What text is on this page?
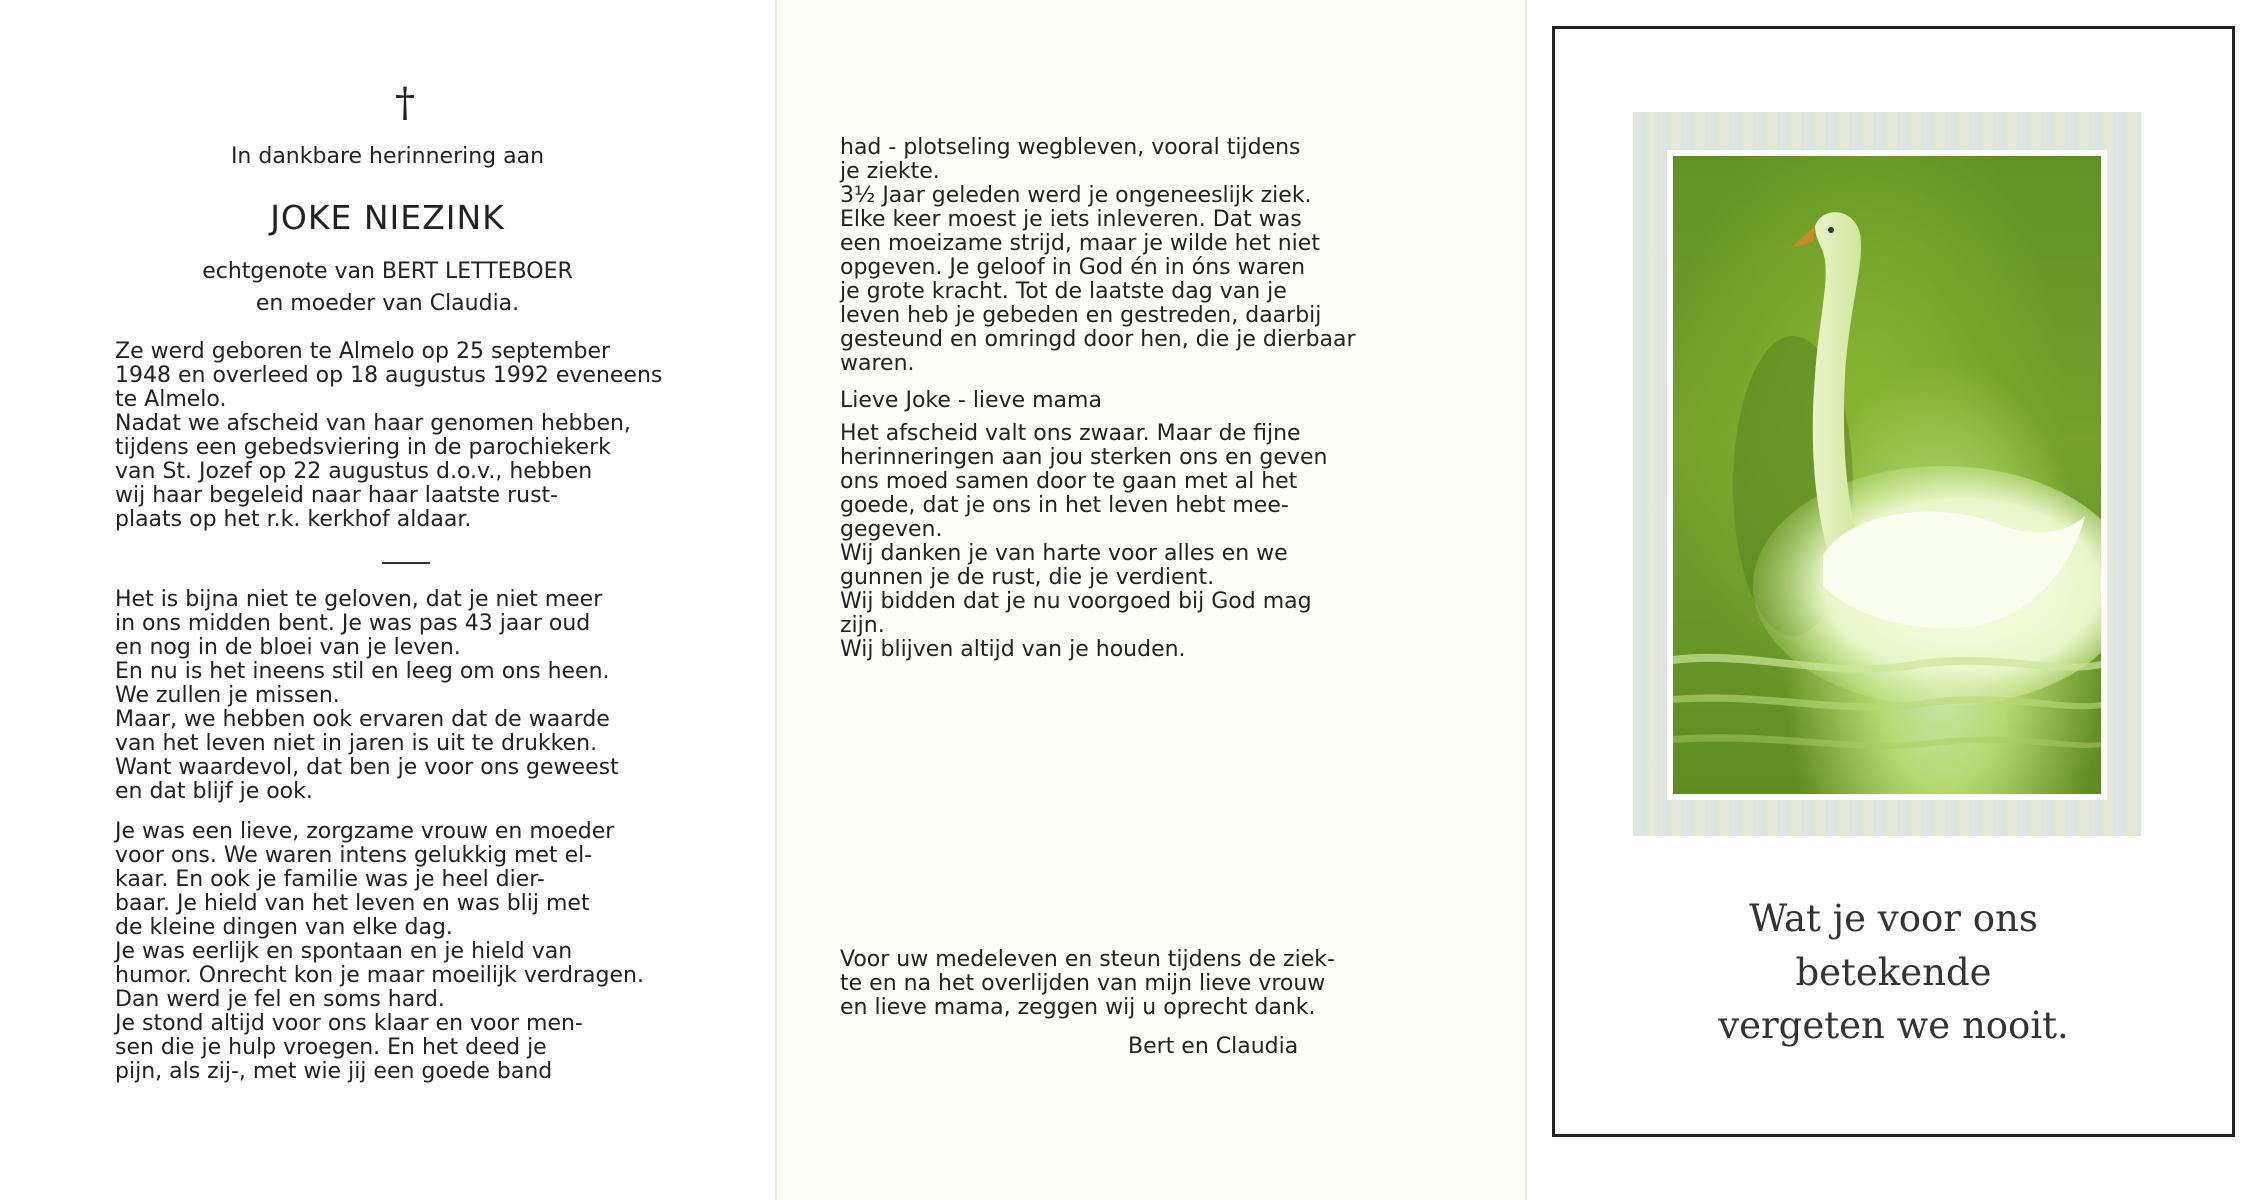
†
In dankbare herinnering aan
JOKE NIEZINK
echtgenote van BERT LETTEBOER
en moeder van Claudia.

Ze werd geboren te Almelo op 25 september
1948 en overleed op 18 augustus 1992 eveneens
te Almelo.
Nadat we afscheid van haar genomen hebben,
tijdens een gebedsviering in de parochiekerk
van St. Jozef op 22 augustus d.o.v., hebben
wij haar begeleid naar haar laatste rust-
plaats op het r.k. kerkhof aldaar.

Het is bijna niet te geloven, dat je niet meer
in ons midden bent. Je was pas 43 jaar oud
en nog in de bloei van je leven.
En nu is het ineens stil en leeg om ons heen.
We zullen je missen.
Maar, we hebben ook ervaren dat de waarde
van het leven niet in jaren is uit te drukken.
Want waardevol, dat ben je voor ons geweest
en dat blijf je ook.

Je was een lieve, zorgzame vrouw en moeder
voor ons. We waren intens gelukkig met el-
kaar. En ook je familie was je heel dier-
baar. Je hield van het leven en was blij met
de kleine dingen van elke dag.
Je was eerlijk en spontaan en je hield van
humor. Onrecht kon je maar moeilijk verdragen.
Dan werd je fel en soms hard.
Je stond altijd voor ons klaar en voor men-
sen die je hulp vroegen. En het deed je
pijn, als zij-, met wie jij een goede band

had - plotseling wegbleven, vooral tijdens
je ziekte.
3½ Jaar geleden werd je ongeneeslijk ziek.
Elke keer moest je iets inleveren. Dat was
een moeizame strijd, maar je wilde het niet
opgeven. Je geloof in God én in óns waren
je grote kracht. Tot de laatste dag van je
leven heb je gebeden en gestreden, daarbij
gesteund en omringd door hen, die je dierbaar
waren.

Lieve Joke - lieve mama

Het afscheid valt ons zwaar. Maar de fijne
herinneringen aan jou sterken ons en geven
ons moed samen door te gaan met al het
goede, dat je ons in het leven hebt mee-
gegeven.
Wij danken je van harte voor alles en we
gunnen je de rust, die je verdient.
Wij bidden dat je nu voorgoed bij God mag
zijn.
Wij blijven altijd van je houden.

Voor uw medeleven en steun tijdens de ziek-
te en na het overlijden van mijn lieve vrouw
en lieve mama, zeggen wij u oprecht dank.

Bert en Claudia

Wat je voor ons

betekende

vergeten we nooit.
